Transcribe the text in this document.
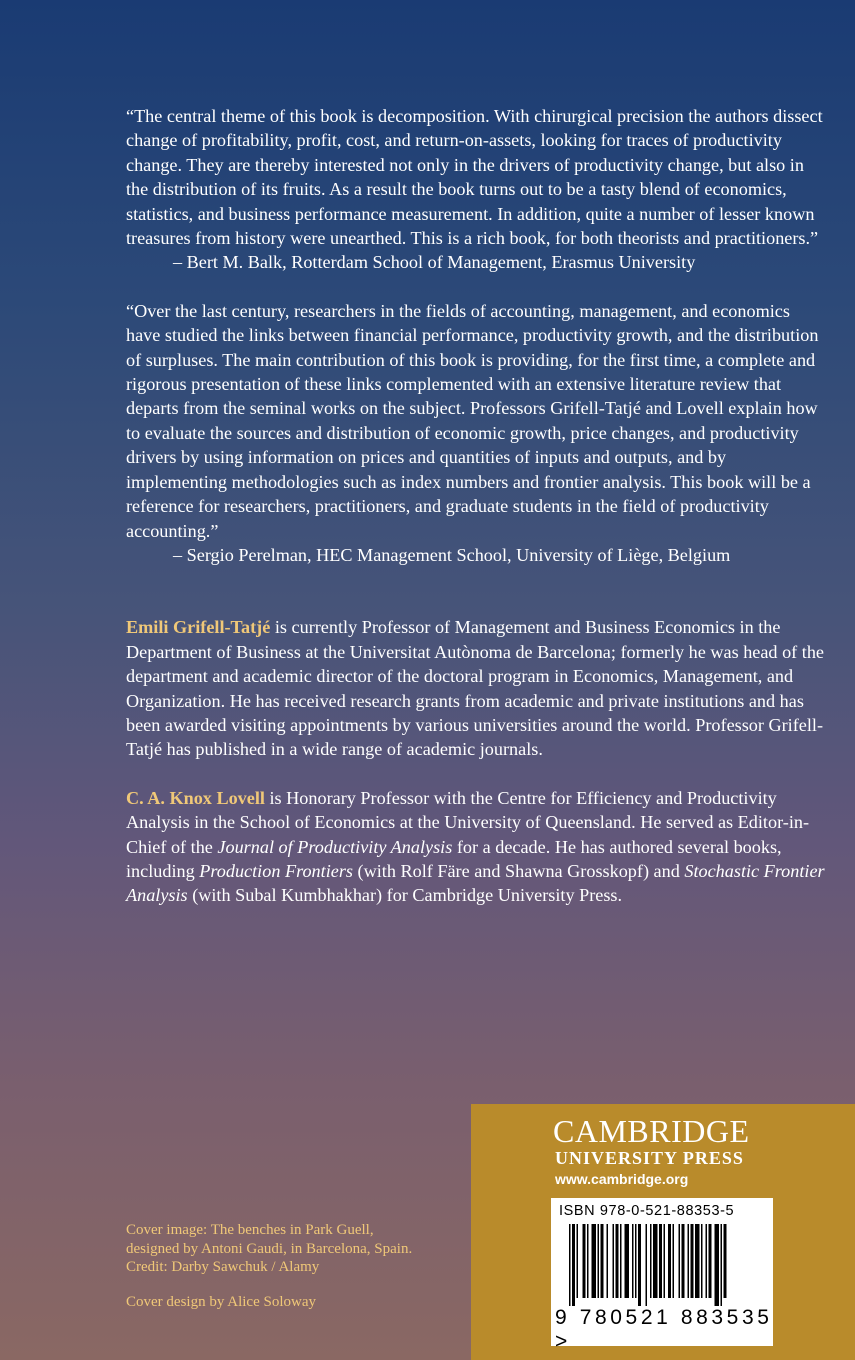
“The central theme of this book is decomposition. With chirurgical precision the authors dissect change of profitability, profit, cost, and return-on-assets, looking for traces of productivity change. They are thereby interested not only in the drivers of productivity change, but also in the distribution of its fruits. As a result the book turns out to be a tasty blend of economics, statistics, and business performance measurement. In addition, quite a number of lesser known treasures from history were unearthed. This is a rich book, for both theorists and practitioners.”

– Bert M. Balk, Rotterdam School of Management, Erasmus University

“Over the last century, researchers in the fields of accounting, management, and economics have studied the links between financial performance, productivity growth, and the distribution of surpluses. The main contribution of this book is providing, for the first time, a complete and rigorous presentation of these links complemented with an extensive literature review that departs from the seminal works on the subject. Professors Grifell-Tatjé and Lovell explain how to evaluate the sources and distribution of economic growth, price changes, and productivity drivers by using information on prices and quantities of inputs and outputs, and by implementing methodologies such as index numbers and frontier analysis. This book will be a reference for researchers, practitioners, and graduate students in the field of productivity accounting.”

– Sergio Perelman, HEC Management School, University of Liège, Belgium

Emili Grifell-Tatjé is currently Professor of Management and Business Economics in the Department of Business at the Universitat Autònoma de Barcelona; formerly he was head of the department and academic director of the doctoral program in Economics, Management, and Organization. He has received research grants from academic and private institutions and has been awarded visiting appointments by various universities around the world. Professor Grifell-Tatjé has published in a wide range of academic journals.

C. A. Knox Lovell is Honorary Professor with the Centre for Efficiency and Productivity Analysis in the School of Economics at the University of Queensland. He served as Editor-in-Chief of the Journal of Productivity Analysis for a decade. He has authored several books, including Production Frontiers (with Rolf Färe and Shawna Grosskopf) and Stochastic Frontier Analysis (with Subal Kumbhakhar) for Cambridge University Press.

Cover image: The benches in Park Guell,
designed by Antoni Gaudi, in Barcelona, Spain.
Credit: Darby Sawchuk / Alamy
Cover design by Alice Soloway
CAMBRIDGE
UNIVERSITY PRESS
www.cambridge.org
ISBN 978-0-521-88353-5
9 780521 883535 >
